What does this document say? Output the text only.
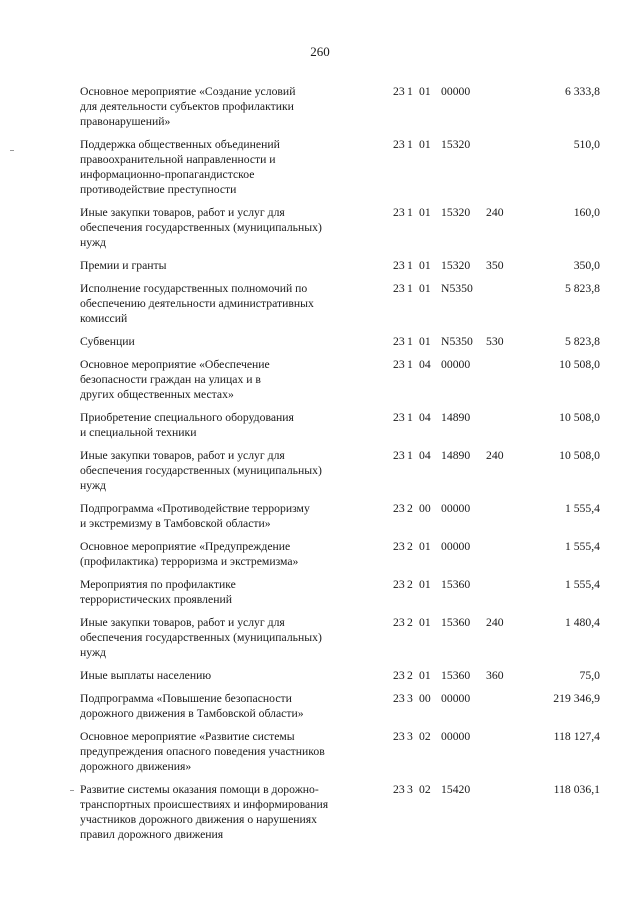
260
Основное мероприятие «Создание условий
для деятельности субъектов профилактики
правонарушений»
23 1 01 00000	6 333,8
Поддержка общественных объединений
правоохранительной направленности и
информационно-пропагандистское
противодействие преступности
23 1 01 15320	510,0
Иные закупки товаров, работ и услуг для
обеспечения государственных (муниципальных)
нужд
23 1 01 15320	240	160,0
Премии и гранты	23 1 01 15320	350	350,0
Исполнение государственных полномочий по
обеспечению деятельности административных
комиссий
23 1 01 N5350	5 823,8
Субвенции	23 1 01 N5350	530	5 823,8
Основное мероприятие «Обеспечение
безопасности граждан на улицах и в
других общественных местах»
23 1 04 00000	10 508,0
Приобретение специального оборудования
и специальной техники
23 1 04 14890	10 508,0
Иные закупки товаров, работ и услуг для
обеспечения государственных (муниципальных)
нужд
23 1 04 14890	240	10 508,0
Подпрограмма «Противодействие терроризму
и экстремизму в Тамбовской области»
23 2 00 00000	1 555,4
Основное мероприятие «Предупреждение
(профилактика) терроризма и экстремизма»
23 2 01 00000	1 555,4
Мероприятия по профилактике
террористических проявлений
23 2 01 15360	1 555,4
Иные закупки товаров, работ и услуг для
обеспечения государственных (муниципальных)
нужд
23 2 01 15360	240	1 480,4
Иные выплаты населению	23 2 01 15360	360	75,0
Подпрограмма «Повышение безопасности
дорожного движения в Тамбовской области»
23 3 00 00000	219 346,9
Основное мероприятие «Развитие системы
предупреждения опасного поведения участников
дорожного движения»
23 3 02 00000	118 127,4
Развитие системы оказания помощи в дорожно-
транспортных происшествиях и информирования
участников дорожного движения о нарушениях
правил дорожного движения
23 3 02 15420	118 036,1
